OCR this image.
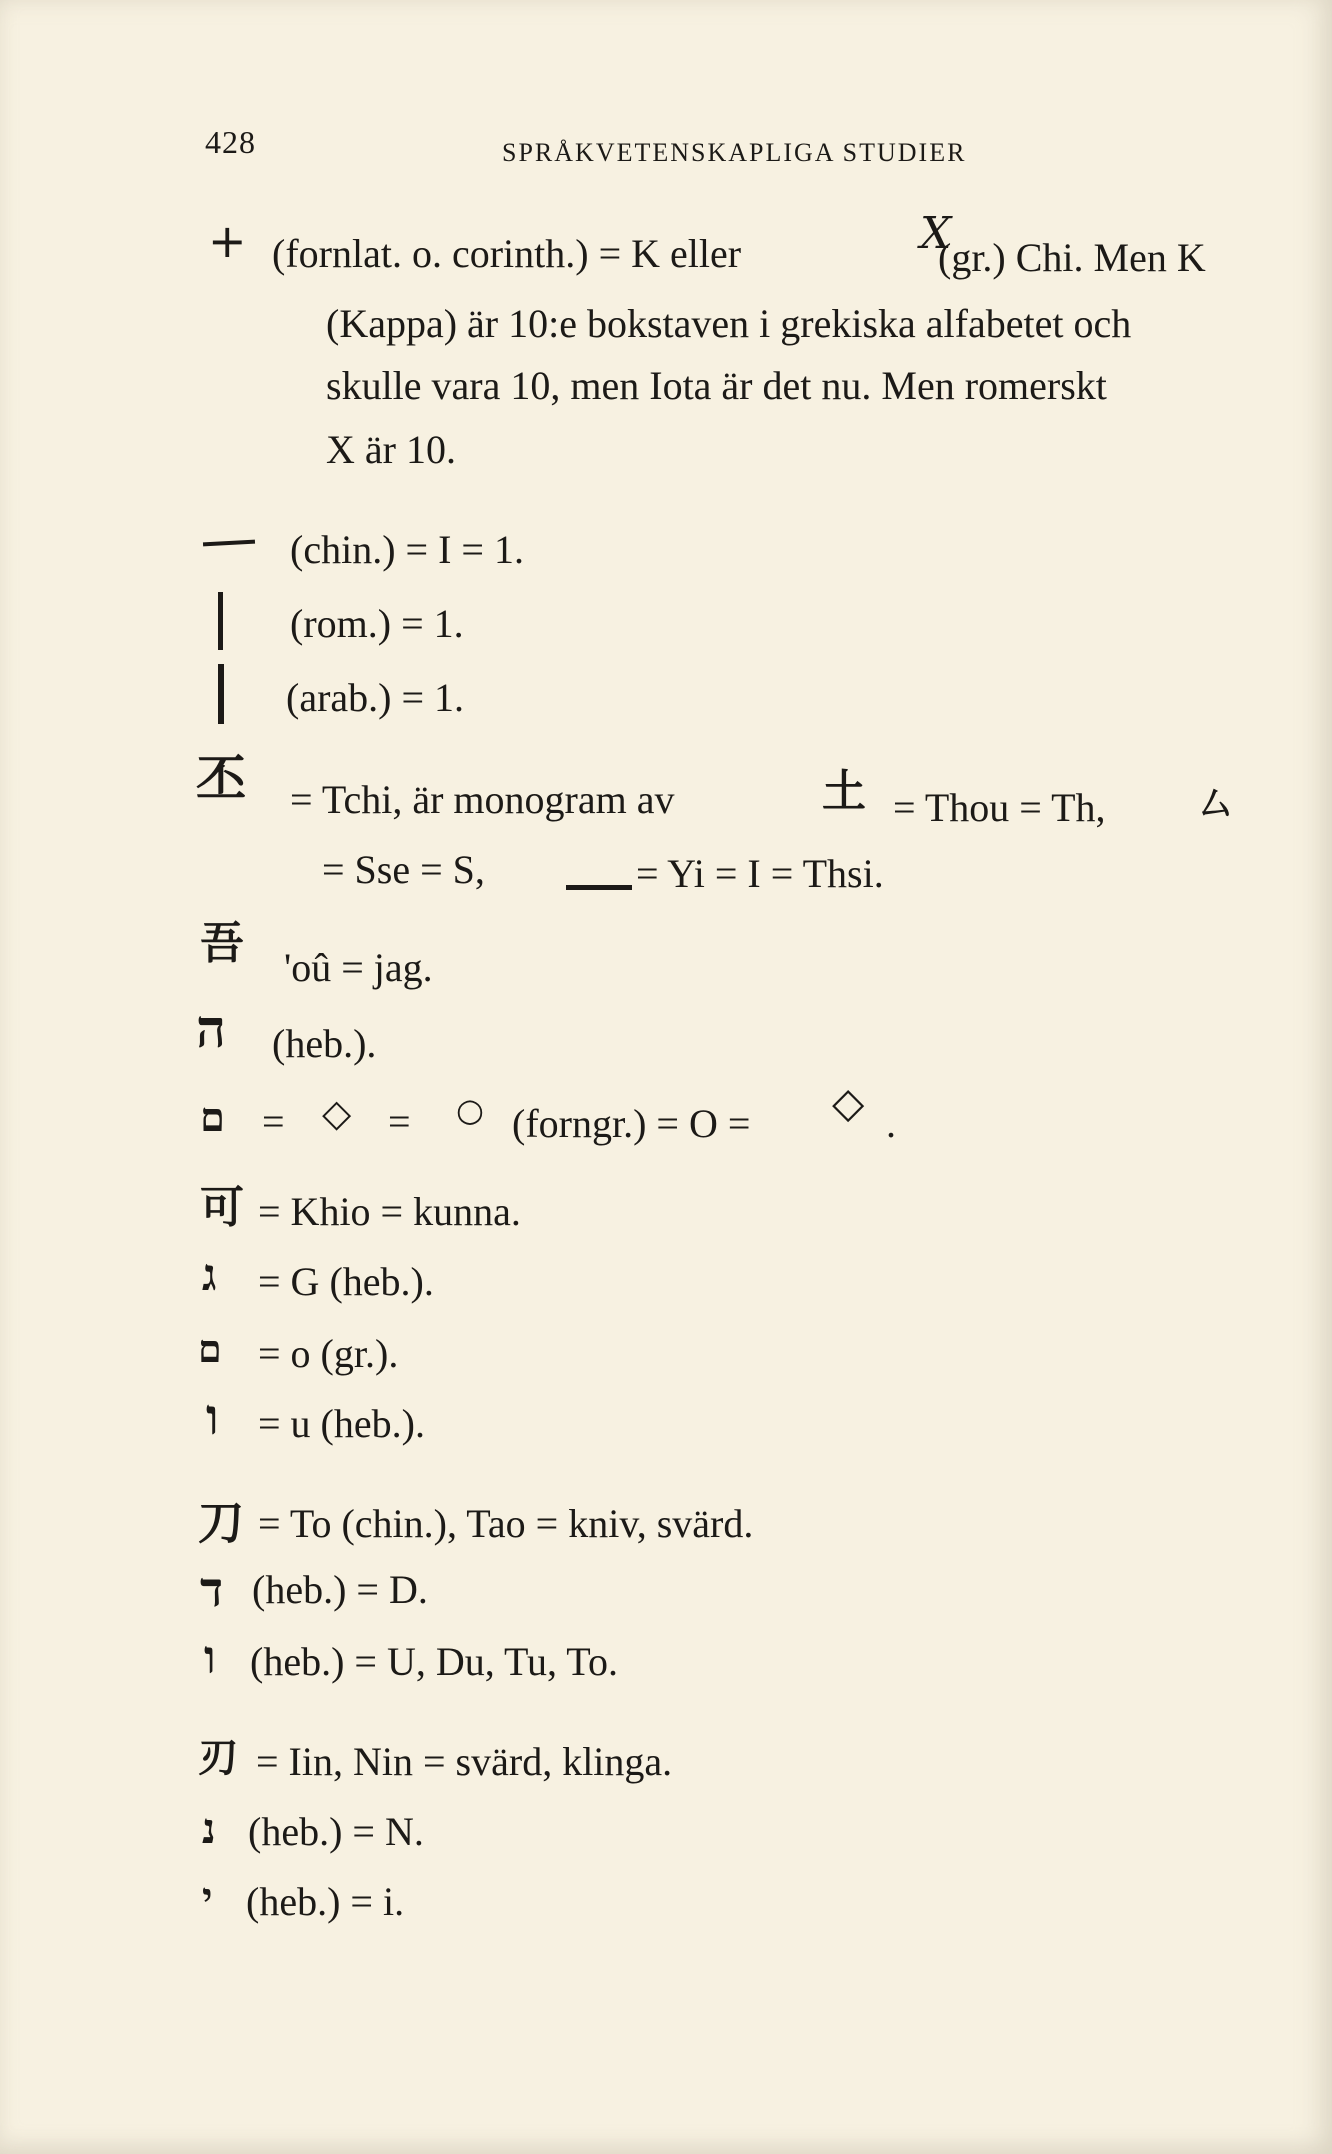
428	SPRÅKVETENSKAPLIGA STUDIER
+ (fornlat. o. corinth.) = K eller	X
(gr.) Chi. Men K
(Kappa) är 10:e bokstaven i grekiska alfabetet och
skulle vara 10, men Iota är det nu. Men romerskt
X är 10.
(chin.) = I = 1.
(rom.) = 1.
(arab.) = 1.
丕 = Tchi, är monogram av	土 = Thou = Th,	厶
= Sse = S,	= Yi = I = Thsi.
吾 'oû = jag.
ה (heb.).
ם = ◇ = ○ (forngr.) = O = ◇ .
可 = Khio = kunna.
ג = G (heb.).
ם = o (gr.).
ו = u (heb.).
刀 = To (chin.), Tao = kniv, svärd.
ד (heb.) = D.
ו (heb.) = U, Du, Tu, To.
刃 = Iin, Nin = svärd, klinga.
נ (heb.) = N.
י (heb.) = i.
